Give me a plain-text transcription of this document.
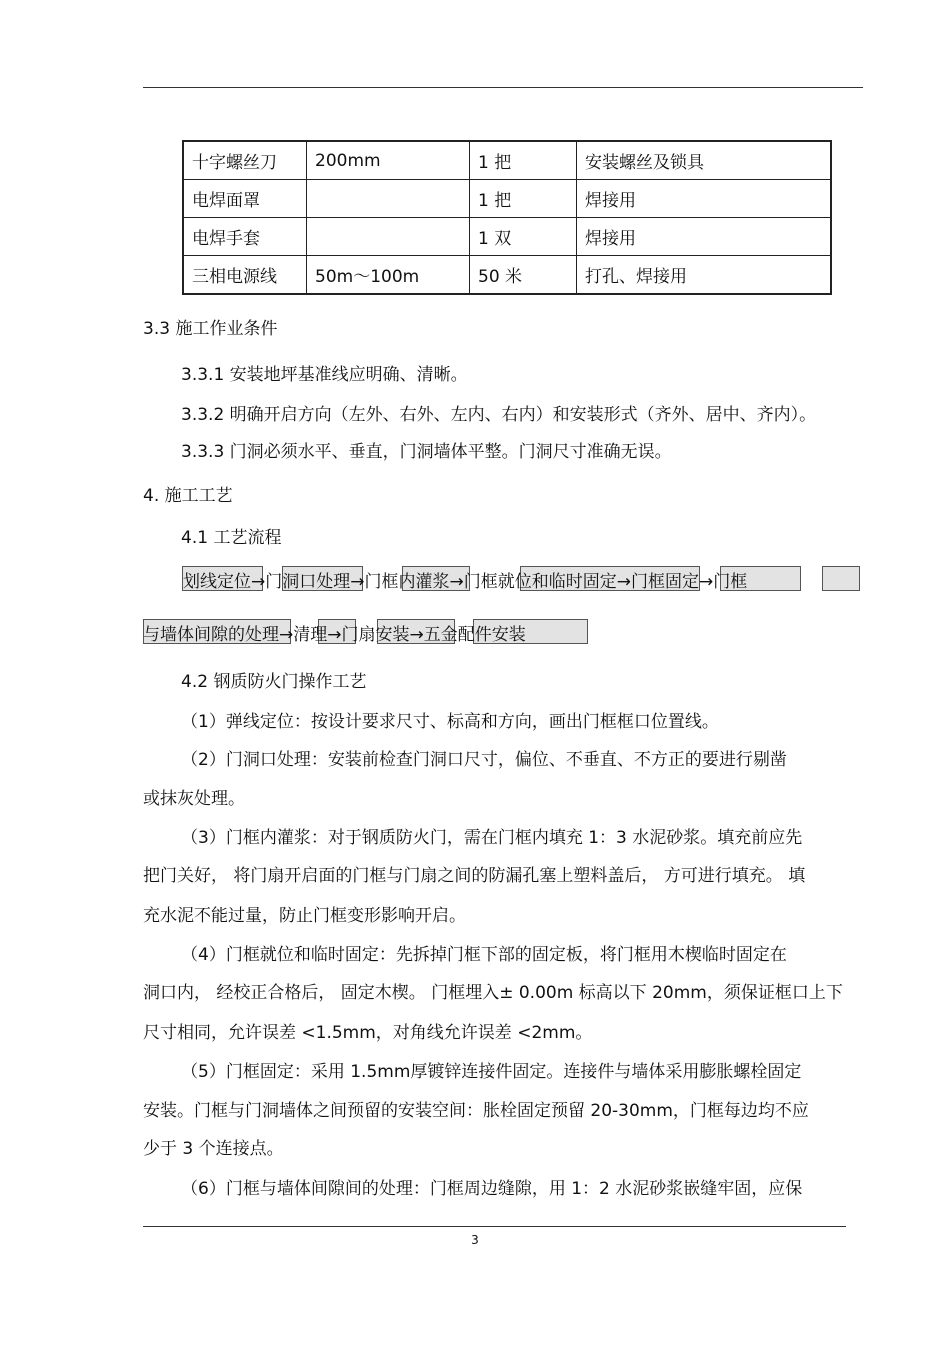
十字螺丝刀	200mm	1 把	安装螺丝及锁具
电焊面罩		1 把	焊接用
电焊手套		1 双	焊接用
三相电源线	50m～100m	50 米	打孔、焊接用
3.3 施工作业条件
3.3.1 安装地坪基准线应明确、清晰。
3.3.2 明确开启方向（左外、右外、左内、右内）和安装形式（齐外、居中、齐内）。
3.3.3 门洞必须水平、垂直，门洞墙体平整。门洞尺寸准确无误。
4. 施工工艺
4.1 工艺流程
划线定位→门洞口处理→门框内灌浆→门框就位和临时固定→门框固定→门框
与墙体间隙的处理→清理→门扇安装→五金配件安装
4.2 钢质防火门操作工艺
（1）弹线定位：按设计要求尺寸、标高和方向，画出门框框口位置线。
（2）门洞口处理：安装前检查门洞口尺寸，偏位、不垂直、不方正的要进行剔凿
或抹灰处理。
（3）门框内灌浆：对于钢质防火门，需在门框内填充 1：3 水泥砂浆。填充前应先
把门关好， 将门扇开启面的门框与门扇之间的防漏孔塞上塑料盖后， 方可进行填充。 填
充水泥不能过量，防止门框变形影响开启。
（4）门框就位和临时固定：先拆掉门框下部的固定板，将门框用木楔临时固定在
洞口内， 经校正合格后， 固定木楔。 门框埋入± 0.00m 标高以下 20mm，须保证框口上下
尺寸相同，允许误差 <1.5mm，对角线允许误差 <2mm。
（5）门框固定：采用 1.5mm厚镀锌连接件固定。连接件与墙体采用膨胀螺栓固定
安装。门框与门洞墙体之间预留的安装空间：胀栓固定预留 20-30mm，门框每边均不应
少于 3 个连接点。
（6）门框与墙体间隙间的处理：门框周边缝隙，用 1：2 水泥砂浆嵌缝牢固，应保
3
